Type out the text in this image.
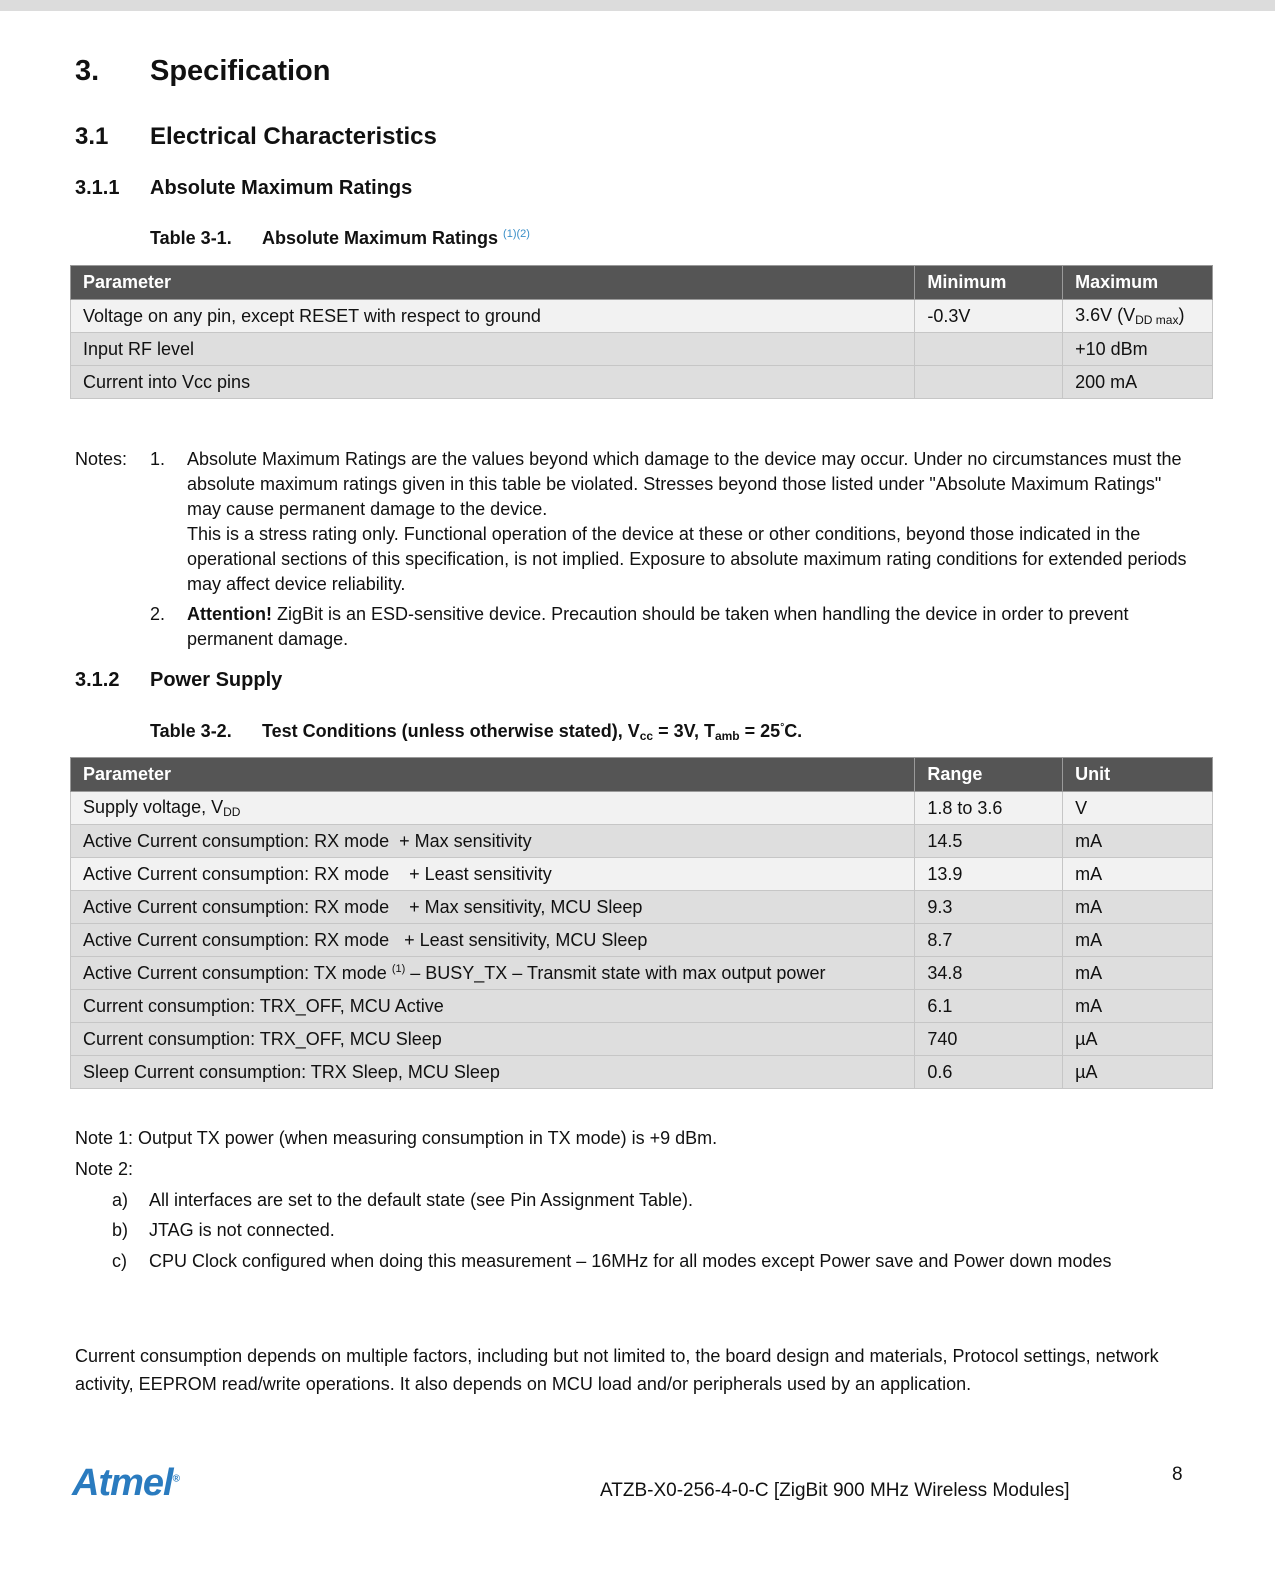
3. Specification
3.1 Electrical Characteristics
3.1.1 Absolute Maximum Ratings
Table 3-1. Absolute Maximum Ratings $^{(1)(2)}$
Parameter	Minimum	Maximum
Voltage on any pin, except RESET with respect to ground	-0.3V	3.6V $(V_{DD max})$
Input RF level		+10 dBm
Current into Vcc pins		200 mA
Notes: 1. Absolute Maximum Ratings are the values beyond which damage to the device may occur. Under no circumstances must the absolute maximum ratings given in this table be violated. Stresses beyond those listed under "Absolute Maximum Ratings" may cause permanent damage to the device.
This is a stress rating only. Functional operation of the device at these or other conditions, beyond those indicated in the operational sections of this specification, is not implied. Exposure to absolute maximum rating conditions for extended periods may affect device reliability.
2. Attention! ZigBit is an ESD-sensitive device. Precaution should be taken when handling the device in order to prevent permanent damage.
3.1.2 Power Supply
Table 3-2. Test Conditions (unless otherwise stated), $V_{cc} = 3V$, $T_{amb} = 25^\circ C$.
Parameter	Range	Unit
Supply voltage, $V_{DD}$	1.8 to 3.6	V
Active Current consumption: RX mode  + Max sensitivity	14.5	mA
Active Current consumption: RX mode    + Least sensitivity	13.9	mA
Active Current consumption: RX mode    + Max sensitivity, MCU Sleep	9.3	mA
Active Current consumption: RX mode   + Least sensitivity, MCU Sleep	8.7	mA
Active Current consumption: TX mode $^{(1)}$ – BUSY_TX – Transmit state with max output power	34.8	mA
Current consumption: TRX_OFF, MCU Active	6.1	mA
Current consumption: TRX_OFF, MCU Sleep	740	µA
Sleep Current consumption: TRX Sleep, MCU Sleep	0.6	µA
Note 1: Output TX power (when measuring consumption in TX mode) is +9 dBm.
Note 2:
a) All interfaces are set to the default state (see Pin Assignment Table).
b) JTAG is not connected.
c) CPU Clock configured when doing this measurement – 16MHz for all modes except Power save and Power down modes
Current consumption depends on multiple factors, including but not limited to, the board design and materials, Protocol settings, network activity, EEPROM read/write operations. It also depends on MCU load and/or peripherals used by an application.
Atmel®	8
ATZB-X0-256-4-0-C [ZigBit 900 MHz Wireless Modules]
